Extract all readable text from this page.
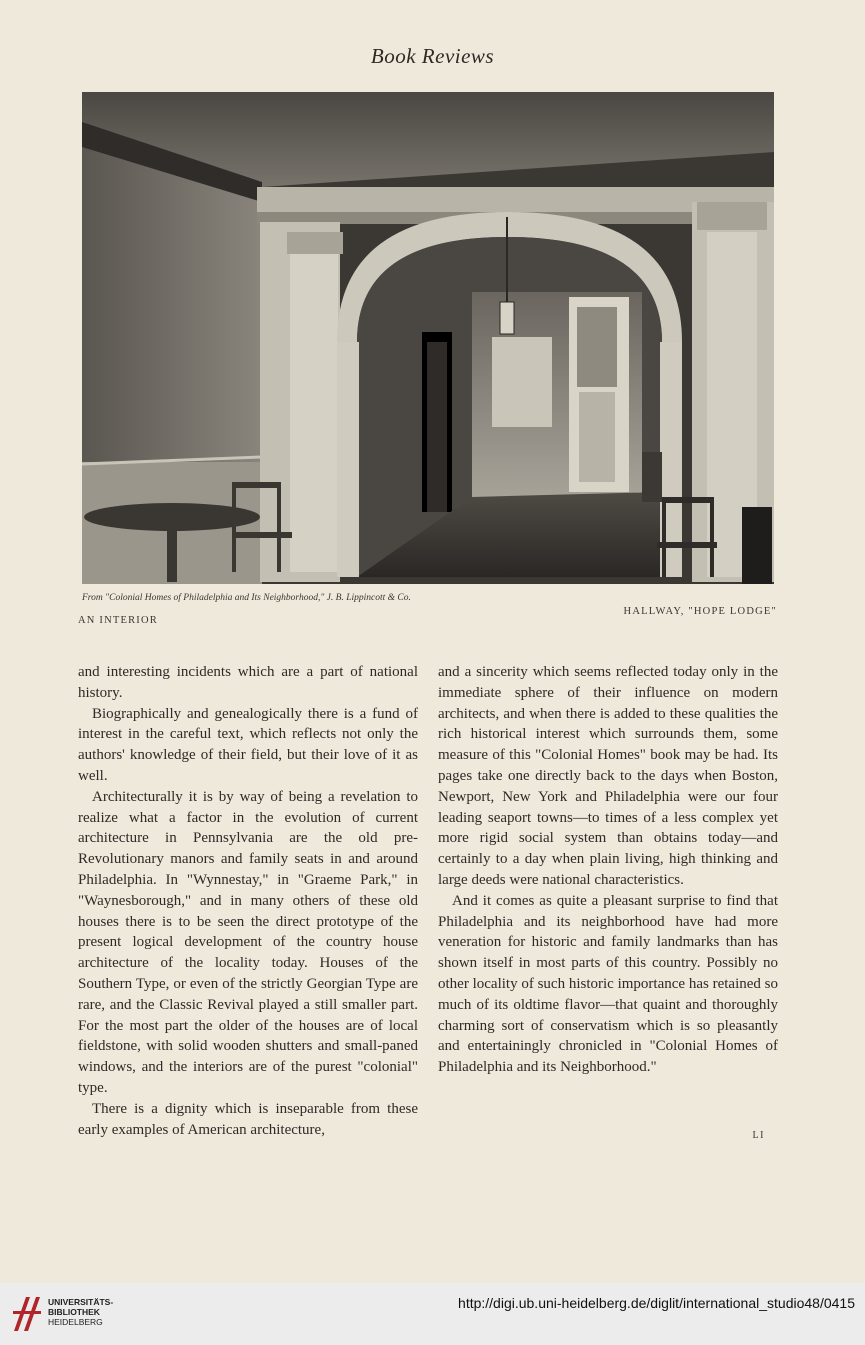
Book Reviews
From "Colonial Homes of Philadelphia and Its Neighborhood," J. B. Lippincott & Co.
AN INTERIOR
HALLWAY, "HOPE LODGE"

and interesting incidents which are a part of national history.

Biographically and genealogically there is a fund of interest in the careful text, which reflects not only the authors' knowledge of their field, but their love of it as well.

Architecturally it is by way of being a revelation to realize what a factor in the evolution of current architecture in Pennsylvania are the old pre-Revolutionary manors and family seats in and around Philadelphia. In "Wynnestay," in "Graeme Park," in "Waynesborough," and in many others of these old houses there is to be seen the direct prototype of the present logical development of the country house architecture of the locality today. Houses of the Southern Type, or even of the strictly Georgian Type are rare, and the Classic Revival played a still smaller part. For the most part the older of the houses are of local fieldstone, with solid wooden shutters and small-paned windows, and the interiors are of the purest "colonial" type.

There is a dignity which is inseparable from these early examples of American architecture,

and a sincerity which seems reflected today only in the immediate sphere of their influence on modern architects, and when there is added to these qualities the rich historical interest which surrounds them, some measure of this "Colonial Homes" book may be had. Its pages take one directly back to the days when Boston, Newport, New York and Philadelphia were our four leading seaport towns—to times of a less complex yet more rigid social system than obtains today—and certainly to a day when plain living, high thinking and large deeds were national characteristics.

And it comes as quite a pleasant surprise to find that Philadelphia and its neighborhood have had more veneration for historic and family landmarks than has shown itself in most parts of this country. Possibly no other locality of such historic importance has retained so much of its oldtime flavor—that quaint and thoroughly charming sort of conservatism which is so pleasantly and entertainingly chronicled in "Colonial Homes of Philadelphia and its Neighborhood."

LI
UNIVERSITÄTS-
BIBLIOTHEK
HEIDELBERG
http://digi.ub.uni-heidelberg.de/diglit/international_studio48/0415
